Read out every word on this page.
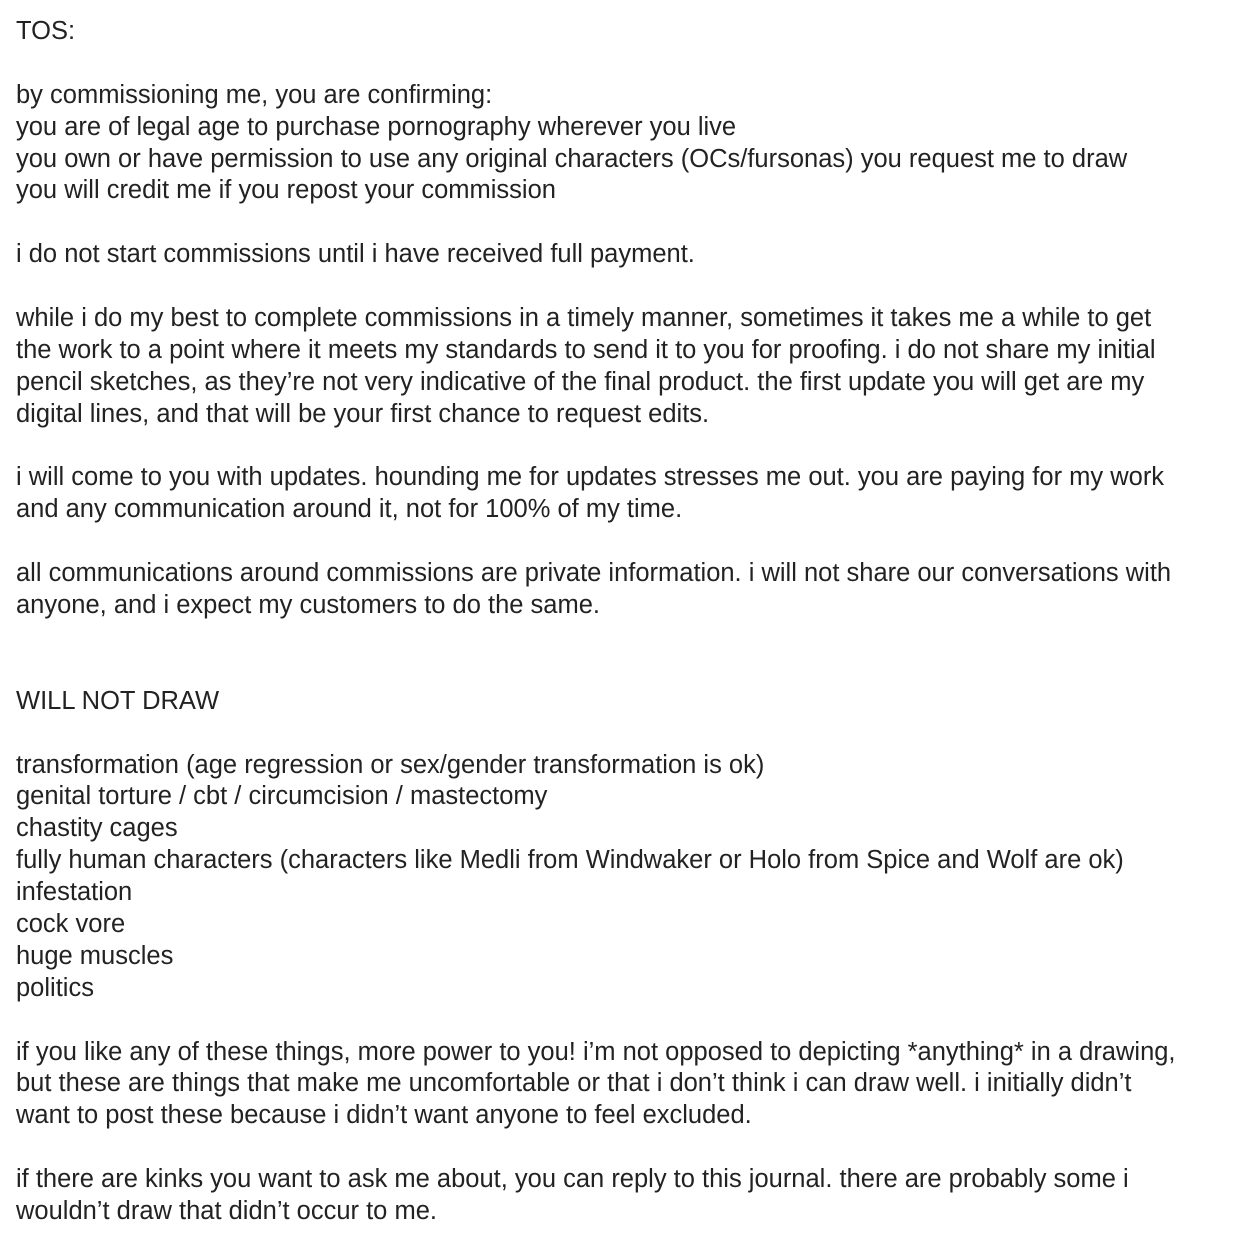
TOS:
by commissioning me, you are confirming:
you are of legal age to purchase pornography wherever you live
you own or have permission to use any original characters (OCs/fursonas) you request me to draw
you will credit me if you repost your commission
i do not start commissions until i have received full payment.
while i do my best to complete commissions in a timely manner, sometimes it takes me a while to get
the work to a point where it meets my standards to send it to you for proofing. i do not share my initial
pencil sketches, as they’re not very indicative of the final product. the first update you will get are my
digital lines, and that will be your first chance to request edits.
i will come to you with updates. hounding me for updates stresses me out. you are paying for my work
and any communication around it, not for 100% of my time.
all communications around commissions are private information. i will not share our conversations with
anyone, and i expect my customers to do the same.
WILL NOT DRAW
transformation (age regression or sex/gender transformation is ok)
genital torture / cbt / circumcision / mastectomy
chastity cages
fully human characters (characters like Medli from Windwaker or Holo from Spice and Wolf are ok)
infestation
cock vore
huge muscles
politics
if you like any of these things, more power to you! i’m not opposed to depicting *anything* in a drawing,
but these are things that make me uncomfortable or that i don’t think i can draw well. i initially didn’t
want to post these because i didn’t want anyone to feel excluded.
if there are kinks you want to ask me about, you can reply to this journal. there are probably some i
wouldn’t draw that didn’t occur to me.
